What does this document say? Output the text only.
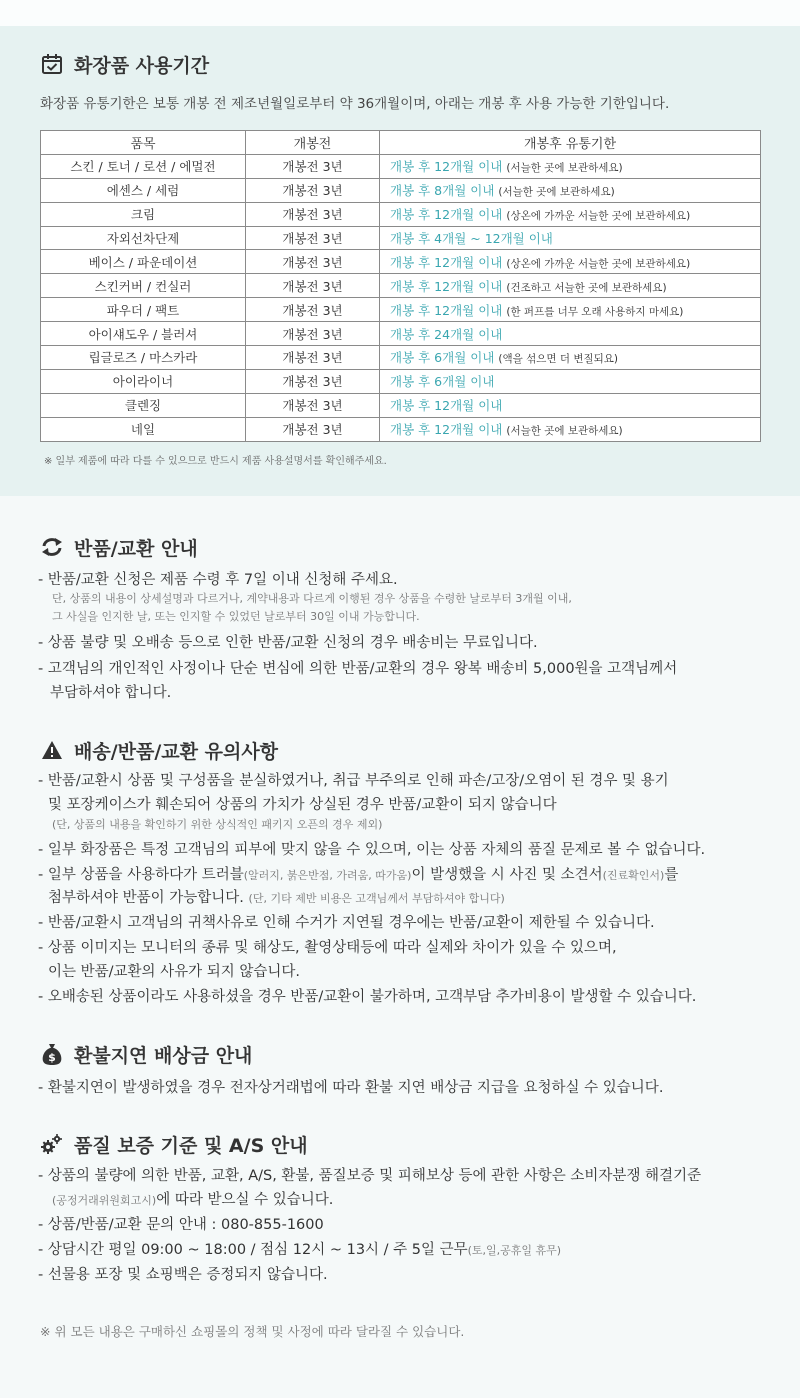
화장품 사용기간
화장품 유통기한은 보통 개봉 전 제조년월일로부터 약 36개월이며, 아래는 개봉 후 사용 가능한 기한입니다.
품목	개봉전	개봉후 유통기한
스킨 / 토너 / 로션 / 에멀전	개봉전 3년	개봉 후 12개월 이내 (서늘한 곳에 보관하세요)
에센스 / 세럼	개봉전 3년	개봉 후 8개월 이내 (서늘한 곳에 보관하세요)
크림	개봉전 3년	개봉 후 12개월 이내 (상온에 가까운 서늘한 곳에 보관하세요)
자외선차단제	개봉전 3년	개봉 후 4개월 ~ 12개월 이내
베이스 / 파운데이션	개봉전 3년	개봉 후 12개월 이내 (상온에 가까운 서늘한 곳에 보관하세요)
스킨커버 / 컨실러	개봉전 3년	개봉 후 12개월 이내 (건조하고 서늘한 곳에 보관하세요)
파우더 / 팩트	개봉전 3년	개봉 후 12개월 이내 (한 퍼프를 너무 오래 사용하지 마세요)
아이섀도우 / 블러셔	개봉전 3년	개봉 후 24개월 이내
립글로즈 / 마스카라	개봉전 3년	개봉 후 6개월 이내 (액을 섞으면 더 변질되요)
아이라이너	개봉전 3년	개봉 후 6개월 이내
클렌징	개봉전 3년	개봉 후 12개월 이내
네일	개봉전 3년	개봉 후 12개월 이내 (서늘한 곳에 보관하세요)
※ 일부 제품에 따라 다를 수 있으므로 반드시 제품 사용설명서를 확인해주세요.
반품/교환 안내
- 반품/교환 신청은 제품 수령 후 7일 이내 신청해 주세요.
단, 상품의 내용이 상세설명과 다르거나, 계약내용과 다르게 이행된 경우 상품을 수령한 날로부터 3개월 이내,
그 사실을 인지한 날, 또는 인지할 수 있었던 날로부터 30일 이내 가능합니다.
- 상품 불량 및 오배송 등으로 인한 반품/교환 신청의 경우 배송비는 무료입니다.
- 고객님의 개인적인 사정이나 단순 변심에 의한 반품/교환의 경우 왕복 배송비 5,000원을 고객님께서
부담하셔야 합니다.
배송/반품/교환 유의사항
- 반품/교환시 상품 및 구성품을 분실하였거나, 취급 부주의로 인해 파손/고장/오염이 된 경우 및 용기
및 포장케이스가 훼손되어 상품의 가치가 상실된 경우 반품/교환이 되지 않습니다
(단, 상품의 내용을 확인하기 위한 상식적인 패키지 오픈의 경우 제외)
- 일부 화장품은 특정 고객님의 피부에 맞지 않을 수 있으며, 이는 상품 자체의 품질 문제로 볼 수 없습니다.
- 일부 상품을 사용하다가 트러블(알러지, 붉은반점, 가려움, 따가움)이 발생했을 시 사진 및 소견서(진료확인서)를
첨부하셔야 반품이 가능합니다. (단, 기타 제반 비용은 고객님께서 부담하셔야 합니다)
- 반품/교환시 고객님의 귀책사유로 인해 수거가 지연될 경우에는 반품/교환이 제한될 수 있습니다.
- 상품 이미지는 모니터의 종류 및 해상도, 촬영상태등에 따라 실제와 차이가 있을 수 있으며,
이는 반품/교환의 사유가 되지 않습니다.
- 오배송된 상품이라도 사용하셨을 경우 반품/교환이 불가하며, 고객부담 추가비용이 발생할 수 있습니다.
$ 환불지연 배상금 안내
- 환불지연이 발생하였을 경우 전자상거래법에 따라 환불 지연 배상금 지급을 요청하실 수 있습니다.
품질 보증 기준 및 A/S 안내
- 상품의 불량에 의한 반품, 교환, A/S, 환불, 품질보증 및 피해보상 등에 관한 사항은 소비자분쟁 해결기준
(공정거래위원회고시)에 따라 받으실 수 있습니다.
- 상품/반품/교환 문의 안내 : 080-855-1600
- 상담시간 평일 09:00 ~ 18:00 / 점심 12시 ~ 13시 / 주 5일 근무(토,일,공휴일 휴무)
- 선물용 포장 및 쇼핑백은 증정되지 않습니다.
※ 위 모든 내용은 구매하신 쇼핑몰의 정책 및 사정에 따라 달라질 수 있습니다.
